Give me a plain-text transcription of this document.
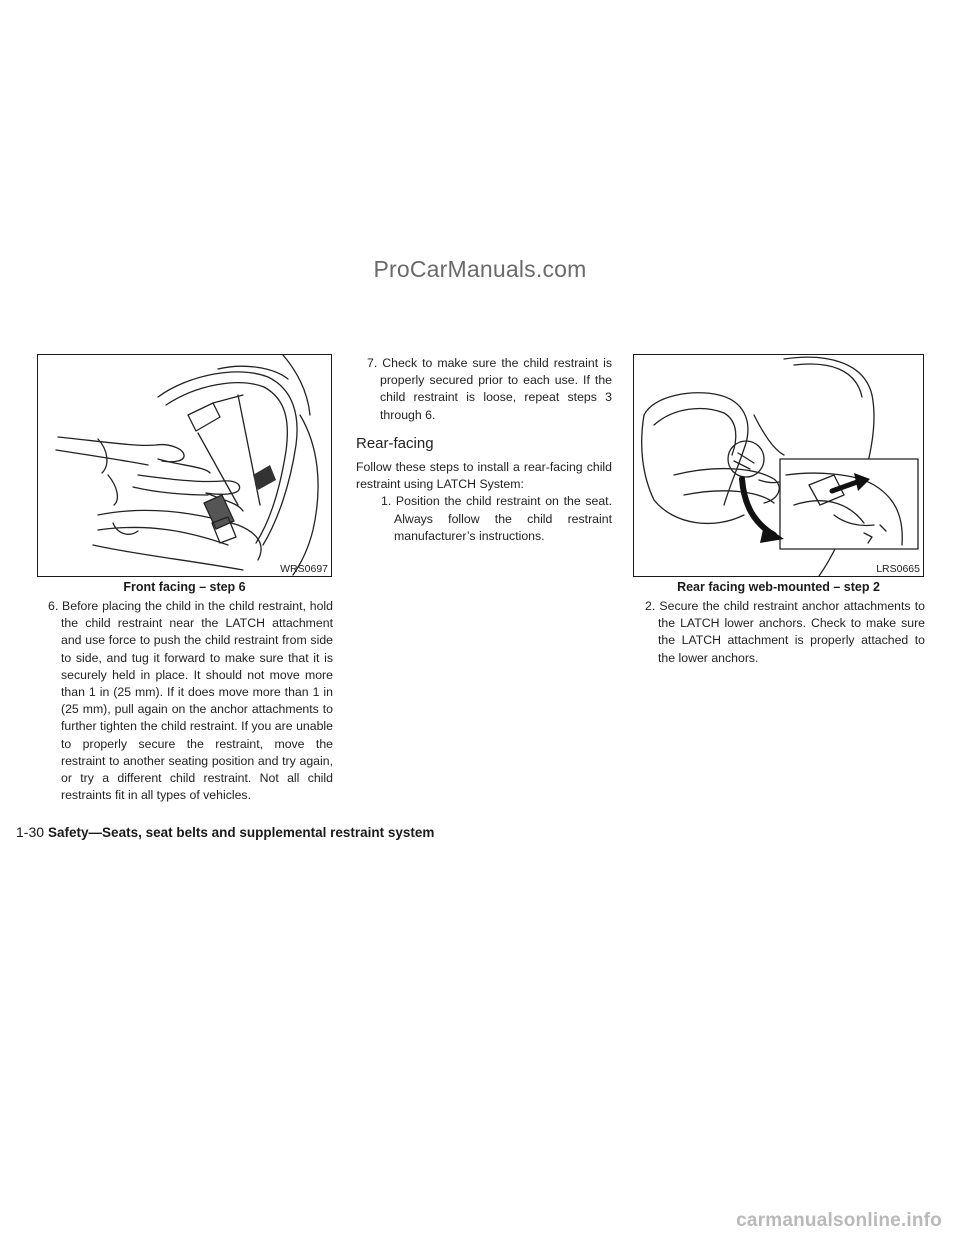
ProCarManuals.com
WRS0697
Front facing – step 6

6. Before placing the child in the child restraint, hold the child restraint near the LATCH attachment and use force to push the child restraint from side to side, and tug it forward to make sure that it is securely held in place. It should not move more than 1 in (25 mm). If it does move more than 1 in (25 mm), pull again on the anchor attachments to further tighten the child restraint. If you are unable to properly secure the restraint, move the restraint to another seating position and try again, or try a different child restraint. Not all child restraints fit in all types of vehicles.

7. Check to make sure the child restraint is properly secured prior to each use. If the child restraint is loose, repeat steps 3 through 6.

Rear-facing

Follow these steps to install a rear-facing child restraint using LATCH System:

1. Position the child restraint on the seat. Always follow the child restraint manufacturer’s instructions.

LRS0665
Rear facing web-mounted – step 2

2. Secure the child restraint anchor attachments to the LATCH lower anchors. Check to make sure the LATCH attachment is properly attached to the lower anchors.

1-30 Safety—Seats, seat belts and supplemental restraint system
carmanualsonline.info
